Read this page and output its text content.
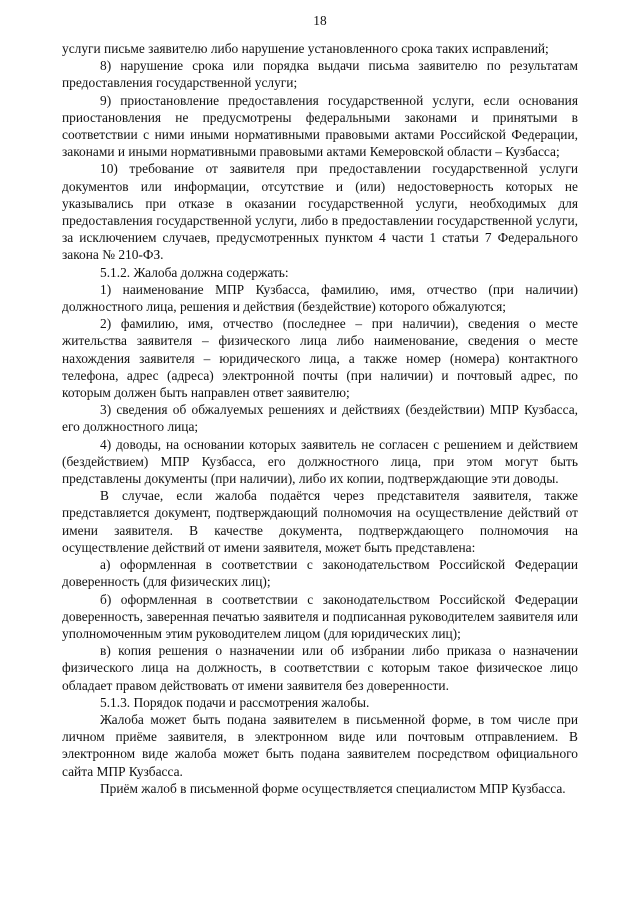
18

услуги письме заявителю либо нарушение установленного срока таких исправлений;

8) нарушение срока или порядка выдачи письма заявителю по результатам предоставления государственной услуги;

9) приостановление предоставления государственной услуги, если основания приостановления не предусмотрены федеральными законами и принятыми в соответствии с ними иными нормативными правовыми актами Российской Федерации, законами и иными нормативными правовыми актами Кемеровской области – Кузбасса;

10) требование от заявителя при предоставлении государственной услуги документов или информации, отсутствие и (или) недостоверность которых не указывались при отказе в оказании государственной услуги, необходимых для предоставления государственной услуги, либо в предоставлении государственной услуги, за исключением случаев, предусмотренных пунктом 4 части 1 статьи 7 Федерального закона № 210-ФЗ.

5.1.2. Жалоба должна содержать:

1) наименование МПР Кузбасса, фамилию, имя, отчество (при наличии) должностного лица, решения и действия (бездействие) которого обжалуются;

2) фамилию, имя, отчество (последнее – при наличии), сведения о месте жительства заявителя – физического лица либо наименование, сведения о месте нахождения заявителя – юридического лица, а также номер (номера) контактного телефона, адрес (адреса) электронной почты (при наличии) и почтовый адрес, по которым должен быть направлен ответ заявителю;

3) сведения об обжалуемых решениях и действиях (бездействии) МПР Кузбасса, его должностного лица;

4) доводы, на основании которых заявитель не согласен с решением и действием (бездействием) МПР Кузбасса, его должностного лица, при этом могут быть представлены документы (при наличии), либо их копии, подтверждающие эти доводы.

В случае, если жалоба подаётся через представителя заявителя, также представляется документ, подтверждающий полномочия на осуществление действий от имени заявителя. В качестве документа, подтверждающего полномочия на осуществление действий от имени заявителя, может быть представлена:

а) оформленная в соответствии с законодательством Российской Федерации доверенность (для физических лиц);

б) оформленная в соответствии с законодательством Российской Федерации доверенность, заверенная печатью заявителя и подписанная руководителем заявителя или уполномоченным этим руководителем лицом (для юридических лиц);

в) копия решения о назначении или об избрании либо приказа о назначении физического лица на должность, в соответствии с которым такое физическое лицо обладает правом действовать от имени заявителя без доверенности.

5.1.3. Порядок подачи и рассмотрения жалобы.

Жалоба может быть подана заявителем в письменной форме, в том числе при личном приёме заявителя, в электронном виде или почтовым отправлением. В электронном виде жалоба может быть подана заявителем посредством официального сайта МПР Кузбасса.

Приём жалоб в письменной форме осуществляется специалистом МПР Кузбасса.
